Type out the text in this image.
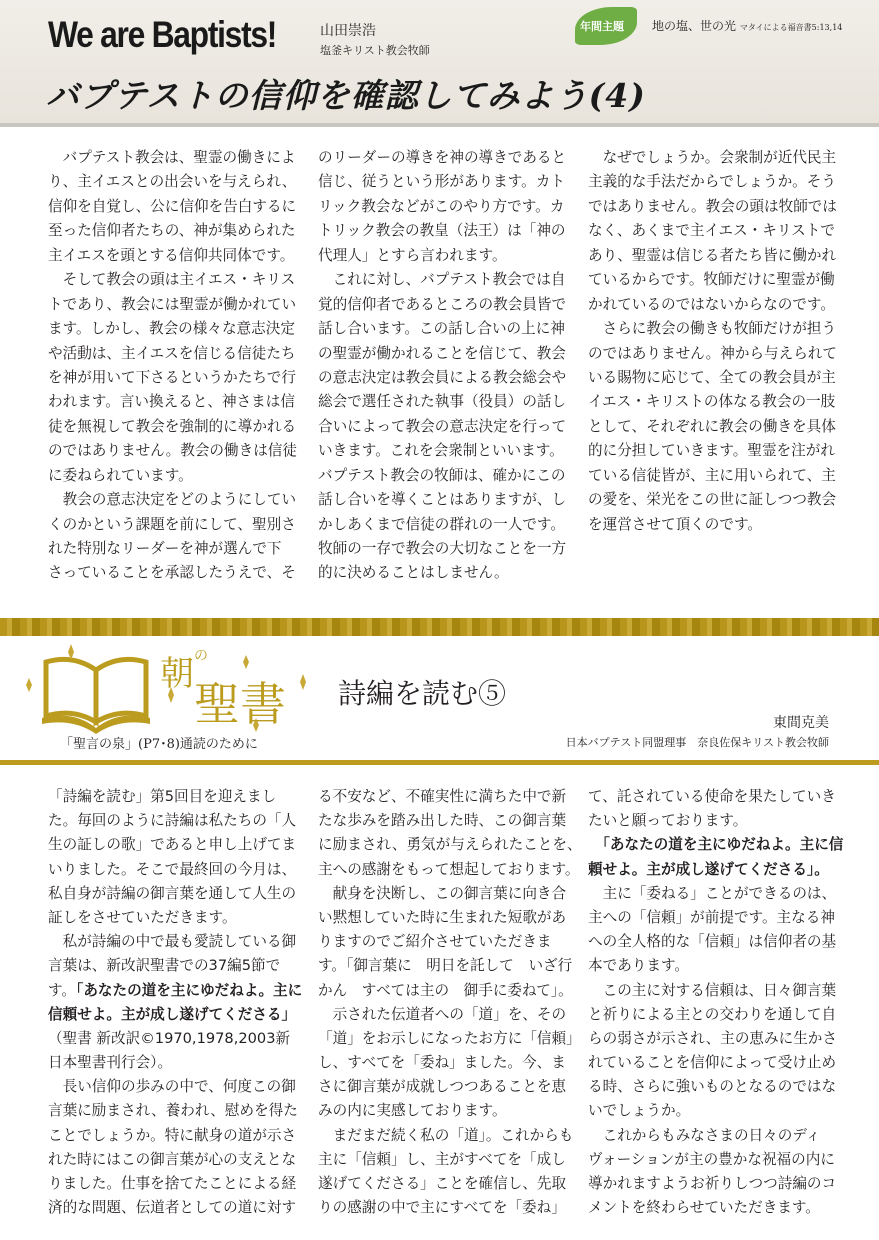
We are Baptists!	山田崇浩
塩釜キリスト教会牧師
バプテストの信仰を確認してみよう(4)
年間主題 地の塩、世の光 マタイによる福音書5:13,14
　バプテスト教会は、聖霊の働きによ
り、主イエスとの出会いを与えられ、
信仰を自覚し、公に信仰を告白するに
至った信仰者たちの、神が集められた
主イエスを頭とする信仰共同体です。
　そして教会の頭は主イエス・キリス
トであり、教会には聖霊が働かれてい
ます。しかし、教会の様々な意志決定
や活動は、主イエスを信じる信徒たち
を神が用いて下さるというかたちで行
われます。言い換えると、神さまは信
徒を無視して教会を強制的に導かれる
のではありません。教会の働きは信徒
に委ねられています。
　教会の意志決定をどのようにしてい
くのかという課題を前にして、聖別さ
れた特別なリーダーを神が選んで下
さっていることを承認したうえで、そ
のリーダーの導きを神の導きであると
信じ、従うという形があります。カト
リック教会などがこのやり方です。カ
トリック教会の教皇（法王）は「神の
代理人」とすら言われます。
　これに対し、バプテスト教会では自
覚的信仰者であるところの教会員皆で
話し合います。この話し合いの上に神
の聖霊が働かれることを信じて、教会
の意志決定は教会員による教会総会や
総会で選任された執事（役員）の話し
合いによって教会の意志決定を行って
いきます。これを会衆制といいます。
バプテスト教会の牧師は、確かにこの
話し合いを導くことはありますが、し
かしあくまで信徒の群れの一人です。
牧師の一存で教会の大切なことを一方
的に決めることはしません。
　なぜでしょうか。会衆制が近代民主
主義的な手法だからでしょうか。そう
ではありません。教会の頭は牧師では
なく、あくまで主イエス・キリストで
あり、聖霊は信じる者たち皆に働かれ
ているからです。牧師だけに聖霊が働
かれているのではないからなのです。
　さらに教会の働きも牧師だけが担う
のではありません。神から与えられて
いる賜物に応じて、全ての教会員が主
イエス・キリストの体なる教会の一肢
として、それぞれに教会の働きを具体
的に分担していきます。聖霊を注がれ
ている信徒皆が、主に用いられて、主
の愛を、栄光をこの世に証しつつ教会
を運営させて頂くのです。
朝 の
聖書
「聖言の泉」(P7･8)通読のために
詩編を読む⑤
東間克美
日本バプテスト同盟理事　奈良佐保キリスト教会牧師
「詩編を読む」第5回目を迎えまし
た。毎回のように詩編は私たちの「人
生の証しの歌」であると申し上げてま
いりました。そこで最終回の今月は、
私自身が詩編の御言葉を通して人生の
証しをさせていただきます。
　私が詩編の中で最も愛読している御
言葉は、新改訳聖書での37編5節で
す。「あなたの道を主にゆだねよ。主に
信頼せよ。主が成し遂げてくださる」
（聖書 新改訳©1970,1978,2003新
日本聖書刊行会）。
　長い信仰の歩みの中で、何度この御
言葉に励まされ、養われ、慰めを得た
ことでしょうか。特に献身の道が示さ
れた時にはこの御言葉が心の支えとな
りました。仕事を捨てたことによる経
済的な問題、伝道者としての道に対す
る不安など、不確実性に満ちた中で新
たな歩みを踏み出した時、この御言葉
に励まされ、勇気が与えられたことを、
主への感謝をもって想起しております。
　献身を決断し、この御言葉に向き合
い黙想していた時に生まれた短歌があ
りますのでご紹介させていただきま
す。「御言葉に　明日を託して　いざ行
かん　すべては主の　御手に委ねて」。
　示された伝道者への「道」を、その
「道」をお示しになったお方に「信頼」
し、すべてを「委ね」ました。今、ま
さに御言葉が成就しつつあることを恵
みの内に実感しております。
　まだまだ続く私の「道」。これからも
主に「信頼」し、主がすべてを「成し
遂げてくださる」ことを確信し、先取
りの感謝の中で主にすべてを「委ね」
て、託されている使命を果たしていき
たいと願っております。
　「あなたの道を主にゆだねよ。主に信
頼せよ。主が成し遂げてくださる」。
　主に「委ねる」ことができるのは、
主への「信頼」が前提です。主なる神
への全人格的な「信頼」は信仰者の基
本であります。
　この主に対する信頼は、日々御言葉
と祈りによる主との交わりを通して自
らの弱さが示され、主の恵みに生かさ
れていることを信仰によって受け止め
る時、さらに強いものとなるのではな
いでしょうか。
　これからもみなさまの日々のディ
ヴォーションが主の豊かな祝福の内に
導かれますようお祈りしつつ詩編のコ
メントを終わらせていただきます。
